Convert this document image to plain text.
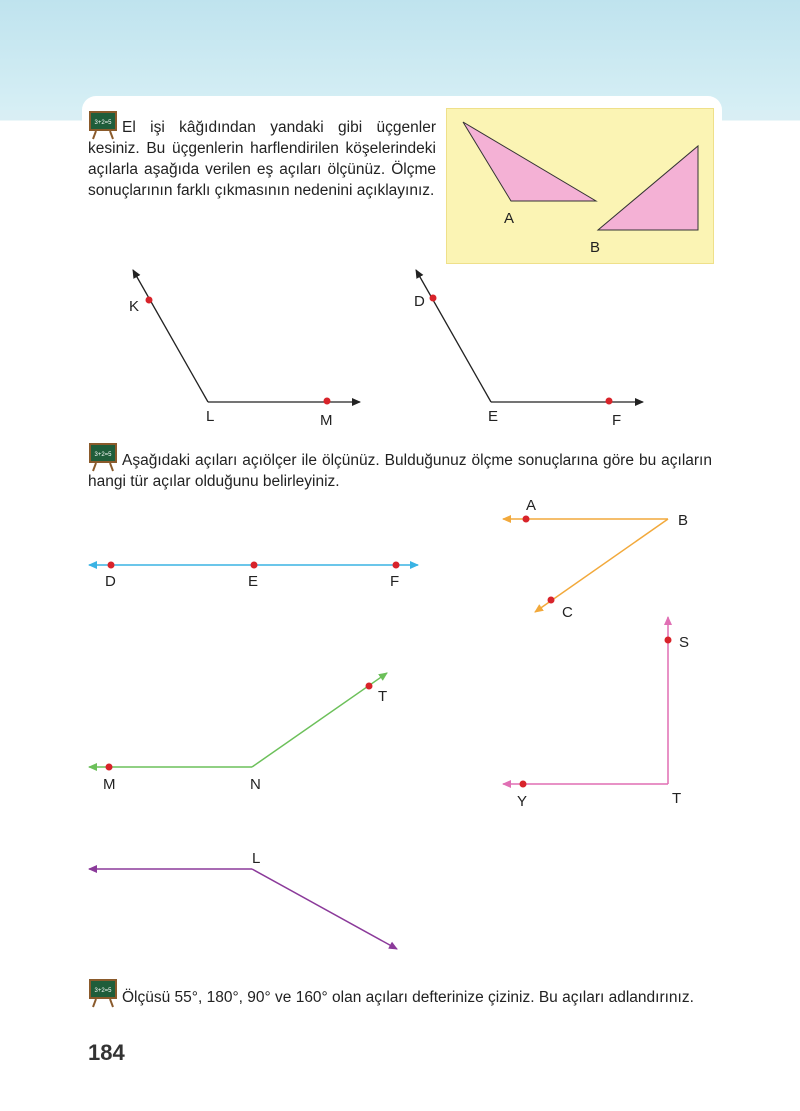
3+2=5 El işi kâğıdından yandaki gibi üçgenler kesiniz. Bu üçgenlerin harflendirilen köşelerindeki açılarla aşağıda verilen eş açıları ölçünüz. Ölçme sonuçlarının farklı çıkmasının nedenini açıklayınız.
3+2=5 Aşağıdaki açıları açıölçer ile ölçünüz. Bulduğunuz ölçme sonuçlarına göre bu açıların hangi tür açılar olduğunu belirleyiniz.
3+2=5 Ölçüsü 55°, 180°, 90° ve 160° olan açıları defterinize çiziniz. Bu açıları adlandırınız.
A
B
K
L	M
D
E	F
D	E	F
A
B
C
S
T
Y
M	N
T
L
184
